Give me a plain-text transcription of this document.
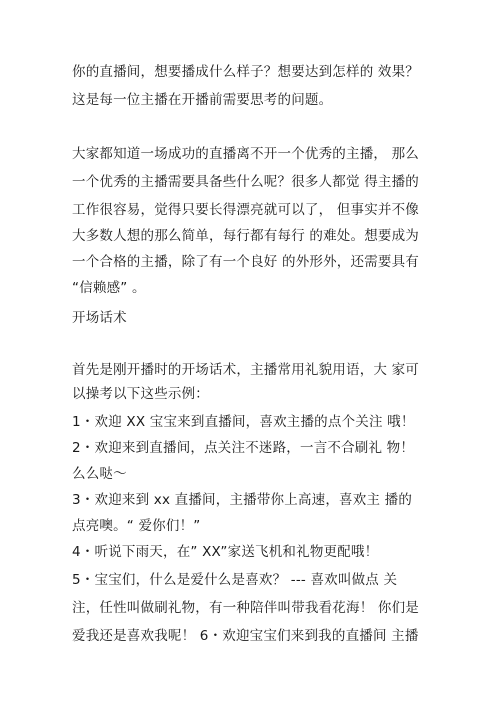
你的直播间，想要播成什么样子？想要达到怎样的 效果？
这是每一位主播在开播前需要思考的问题。
大家都知道一场成功的直播离不开一个优秀的主播， 那么
一个优秀的主播需要具备些什么呢？很多人都觉 得主播的
工作很容易，觉得只要长得漂亮就可以了， 但事实并不像
大多数人想的那么简单，每行都有每行 的难处。想要成为
一个合格的主播，除了有一个良好 的外形外，还需要具有
“信赖感” 。
开场话术
首先是刚开播时的开场话术，主播常用礼貌用语，大 家可
以操考以下这些示例：
1・欢迎 XX 宝宝来到直播间，喜欢主播的点个关注 哦！
2・欢迎来到直播间，点关注不迷路，一言不合刷礼 物！
么么哒～
3・欢迎来到 xx 直播间，主播带你上高速，喜欢主 播的
点亮噢。“ 爱你们！”
4・听说下雨天，在” XX”家送飞机和礼物更配哦！
5・宝宝们，什么是爱什么是喜欢？ --- 喜欢叫做点 关
注，任性叫做刷礼物，有一种陪伴叫带我看花海！ 你们是
爱我还是喜欢我呢！ 6・欢迎宝宝们来到我的直播间 主播
